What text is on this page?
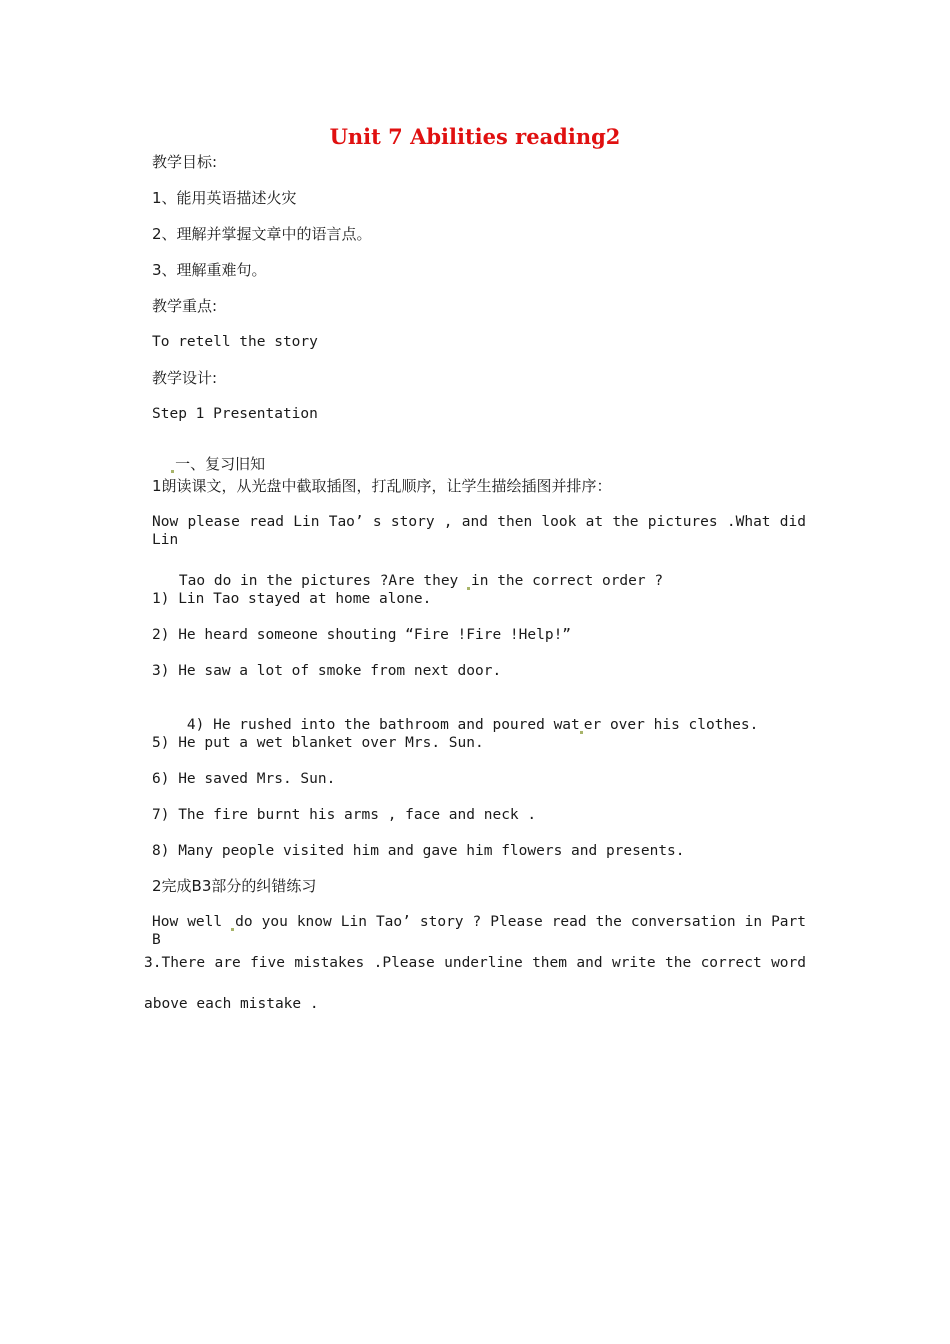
Unit 7 Abilities reading2
教学目标:
1、能用英语描述火灾
2、理解并掌握文章中的语言点。
3、理解重难句。
教学重点:
To retell the story
教学设计:
Step 1 Presentation

一、复习旧知

1朗读课文，从光盘中截取插图，打乱顺序，让学生描绘插图并排序：
Now please read Lin Tao’ s story , and then look at the pictures .What did Lin

Tao do in the pictures ?Are they in the correct order ?

1) Lin Tao stayed at home alone.
2) He heard someone shouting “Fire !Fire !Help!”
3) He saw a lot of smoke from next door.

4) He rushed into the bathroom and poured wat er over his clothes.

5) He put a wet blanket over Mrs. Sun.
6) He saved Mrs. Sun.
7) The fire burnt his arms , face and neck .
8) Many people visited him and gave him flowers and presents.
2完成B3部分的纠错练习
How well do you know Lin Tao’ story ? Please read the conversation in Part B
3.There are five mistakes .Please underline them and write the correct word
above each mistake .
